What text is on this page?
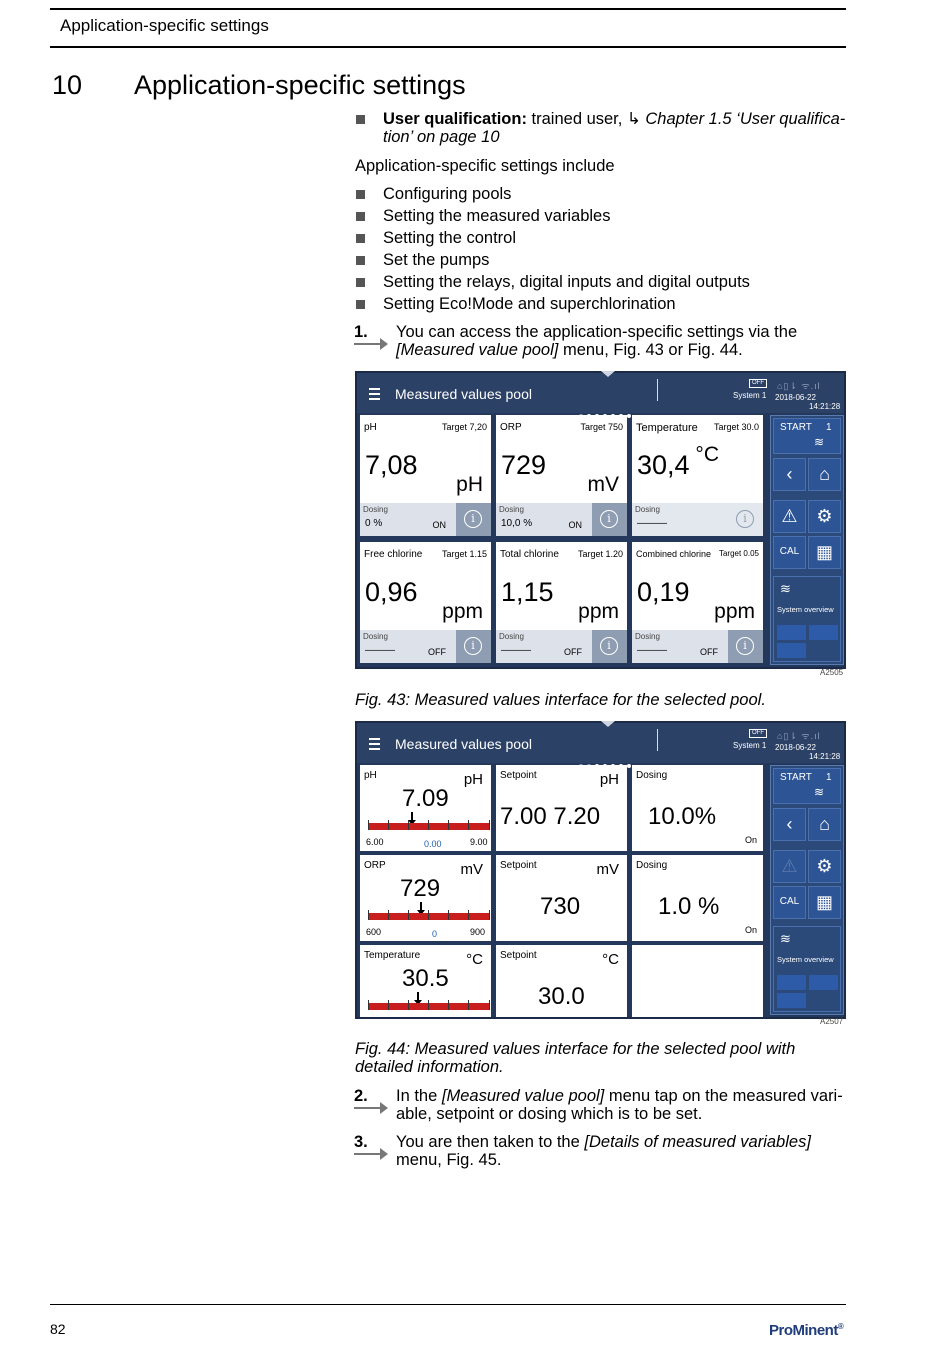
Application-specific settings
10 Application-specific settings
User qualification: trained user, ↳ Chapter 1.5 ‘User qualifica-
tion’ on page 10
Application-specific settings include
Configuring pools
Setting the measured variables
Setting the control
Set the pumps
Setting the relays, digital inputs and digital outputs
Setting Eco!Mode and superchlorination
1. You can access the application-specific settings via the
[Measured value pool] menu, Fig. 43 or Fig. 44.
Measured values pool
OFF
System 1
⌂▯⇂ ᯤ.ıl
2018-06-22
14:21:28
pH	Target 7,20
7,08
pH
Dosing
0 %	ON	i
ORP	Target 750
729
mV
Dosing
10,0 %	ON	i
Temperature Target 30.0
30,4 °C
Dosing
———	i
Free chlorine Target 1.15
0,96
ppm
Dosing
———	OFF	i
Total chlorine Target 1.20
1,15
ppm
Dosing
———	OFF	i
Combined chlorine Target 0.05
0,19
ppm
Dosing
———	OFF	i
START 1
≋
‹	⌂
⚠	⚙
CAL ▦
≋
System overview
A2505
Fig. 43: Measured values interface for the selected pool.
Measured values pool
OFF
System 1
⌂▯⇂ ᯤ.ıl
2018-06-22
14:21:28
pH	pH
7.09
6.00	0.00	9.00
Setpoint	pH
7.00 7.20
Dosing
10.0%
On
ORP	mV
729
600	0	900
Setpoint	mV
730
Dosing
1.0 %
On
Temperature	°C
30.5
Setpoint	°C
30.0
START 1
≋
‹	⌂
⚠	⚙
CAL ▦
≋
System overview
A2507
Fig. 44: Measured values interface for the selected pool with
detailed information.
2. In the [Measured value pool] menu tap on the measured vari-
able, setpoint or dosing which is to be set.
3. You are then taken to the [Details of measured variables]
menu, Fig. 45.
82	ProMinent®
